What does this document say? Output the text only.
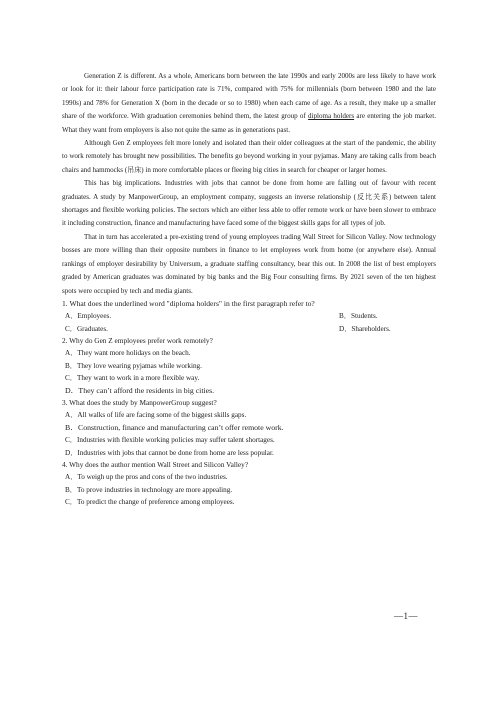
Generation Z is different. As a whole, Americans born between the late 1990s and early 2000s are less likely to have work or look for it: their labour force participation rate is 71%, compared with 75% for millennials (born between 1980 and the late 1990s) and 78% for Generation X (born in the decade or so to 1980) when each came of age. As a result, they make up a smaller share of the workforce. With graduation ceremonies behind them, the latest group of diploma holders are entering the job market. What they want from employers is also not quite the same as in generations past.

Although Gen Z employees felt more lonely and isolated than their older colleagues at the start of the pandemic, the ability to work remotely has brought new possibilities. The benefits go beyond working in your pyjamas. Many are taking calls from beach chairs and hammocks (吊床) in more comfortable places or fleeing big cities in search for cheaper or larger homes.

This has big implications. Industries with jobs that cannot be done from home are falling out of favour with recent graduates. A study by ManpowerGroup, an employment company, suggests an inverse relationship (反比关系) between talent shortages and flexible working policies. The sectors which are either less able to offer remote work or have been slower to embrace it including construction, finance and manufacturing have faced some of the biggest skills gaps for all types of job.

That in turn has accelerated a pre-existing trend of young employees trading Wall Street for Silicon Valley. Now technology bosses are more willing than their opposite numbers in finance to let employees work from home (or anywhere else). Annual rankings of employer desirability by Universum, a graduate staffing consultancy, bear this out. In 2008 the list of best employers graded by American graduates was dominated by big banks and the Big Four consulting firms. By 2021 seven of the ten highest spots were occupied by tech and media giants.

1. What does the underlined word "diploma holders" in the first paragraph refer to?
A．Employees.	B．Students.
C．Graduates.	D．Shareholders.
2. Why do Gen Z employees prefer work remotely?
A．They want more holidays on the beach.
B．They love wearing pyjamas while working.
C．They want to work in a more flexible way.
D．They can’t afford the residents in big cities.
3. What does the study by ManpowerGroup suggest?
A．All walks of life are facing some of the biggest skills gaps.
B．Construction, finance and manufacturing can’t offer remote work.
C．Industries with flexible working policies may suffer talent shortages.
D．Industries with jobs that cannot be done from home are less popular.
4. Why does the author mention Wall Street and Silicon Valley?
A．To weigh up the pros and cons of the two industries.
B．To prove industries in technology are more appealing.
C．To predict the change of preference among employees.
—1—
